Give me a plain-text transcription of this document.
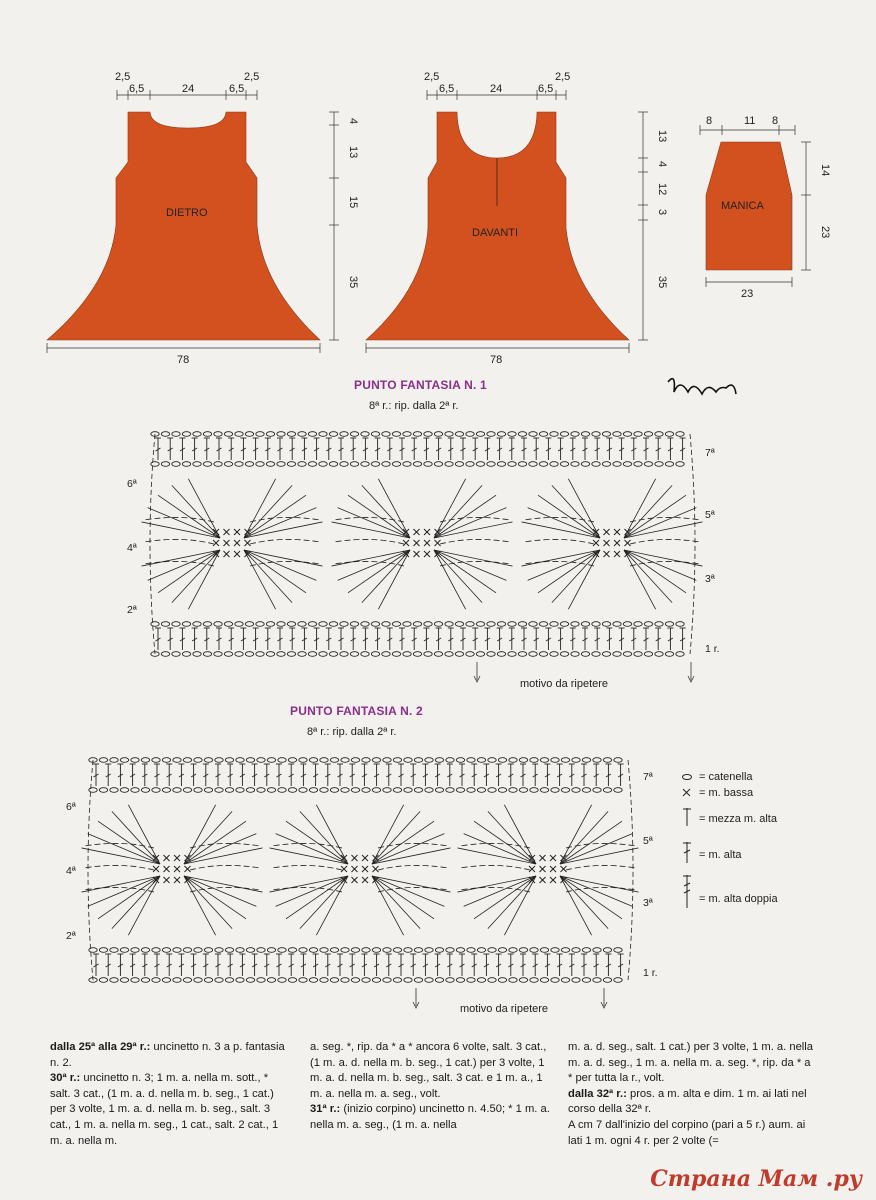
DIETRO
DAVANTI
MANICA
2,5
6,5	24	6,5
2,5	2,5
6,5	24	6,5
2,5
8	11 8
4
13
15
35
13
4
12
3
35
14
23
78	78
23
6ª
4ª
2ª
7ª
5ª
3ª
1 r.
6ª
4ª
2ª
7ª
5ª
3ª
1 r.
PUNTO FANTASIA N. 1
8ª r.: rip. dalla 2ª r.
motivo da ripetere
PUNTO FANTASIA N. 2
8ª r.: rip. dalla 2ª r.
motivo da ripetere
= catenella
= m. bassa
= mezza m. alta
= m. alta
= m. alta doppia

dalla 25ª alla 29ª r.: uncinetto n. 3 a p. fantasia n. 2.

30ª r.: uncinetto n. 3; 1 m. a. nella m. sott., * salt. 3 cat., (1 m. a. d. nella m. b. seg., 1 cat.) per 3 volte, 1 m. a. d. nella m. b. seg., salt. 3 cat., 1 m. a. nella m. seg., 1 cat., salt. 2 cat., 1 m. a. nella m.

a. seg. *, rip. da * a * ancora 6 volte, salt. 3 cat., (1 m. a. d. nella m. b. seg., 1 cat.) per 3 volte, 1 m. a. d. nella m. b. seg., salt. 3 cat. e 1 m. a., 1 m. a. nella m. a. seg., volt.

31ª r.: (inizio corpino) uncinetto n. 4.50; * 1 m. a. nella m. a. seg., (1 m. a. nella

m. a. d. seg., salt. 1 cat.) per 3 volte, 1 m. a. nella m. a. d. seg., 1 m. a. nella m. a. seg. *, rip. da * a * per tutta la r., volt.

dalla 32ª r.: pros. a m. alta e dim. 1 m. ai lati nel corso della 32ª r.

A cm 7 dall'inizio del corpino (pari a 5 r.) aum. ai lati 1 m. ogni 4 r. per 2 volte (=

Страна Мам .ру
